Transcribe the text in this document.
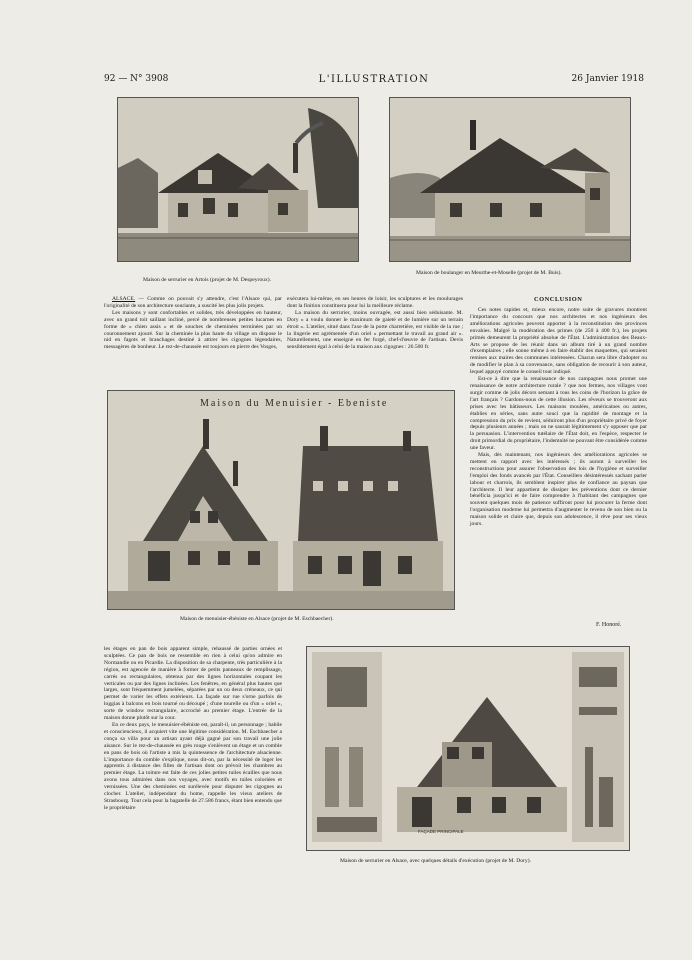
92 — N° 3908	L'ILLUSTRATION	26 Janvier 1918
Maison de serrurier en Artois (projet de M. Despeyroux).
Maison de boulanger en Meurthe-et-Moselle (projet de M. Buis).

ALSACE. — Comme on pouvait s'y attendre, c'est l'Alsace qui, par l'originalité de son architecture souriante, a suscité les plus jolis projets.

Les maisons y sont confortables et solides, très développées en hauteur, avec un grand toit saillant incliné, percé de nombreuses petites lucarnes en forme de « chien assis » et de souches de cheminées terminées par un couronnement ajouré. Sur la cheminée la plus haute du village on dispose le nid en fagots et branchages destiné à attirer les cigognes légendaires, messagères de bonheur. Le rez-de-chaussée est toujours en pierre des Vosges,

exécutera lui-même, en ses heures de loisir, les sculptures et les moulurages dont la finition constituera pour lui la meilleure réclame.

La maison du serrurier, moins ouvragée, est aussi bien séduisante. M. Dory « a voulu donner le maximum de gaieté et de lumière sur un terrain étroit ». L'atelier, situé dans l'axe de la porte charretière, est visible de la rue ; la lingerie est agrémentée d'un oriel « permettant le travail au grand air ». Naturellement, une enseigne en fer forgé, chef-d'œuvre de l'artisan. Devis sensiblement égal à celui de la maison aux cigognes : 26.500 fr.

CONCLUSION

Ces notes rapides et, mieux encore, notre suite de gravures montrent l'importance du concours que nos architectes et nos ingénieurs des améliorations agricoles peuvent apporter à la reconstitution des provinces envahies. Malgré la modération des primes (de 250 à 400 fr.), les projets primés demeurent la propriété absolue de l'État. L'administration des Beaux-Arts se propose de les réunir dans un album tiré à un grand nombre d'exemplaires ; elle sonne même à en faire établir des maquettes, qui seraient remises aux maires des communes intéressées. Chacun sera libre d'adopter ou de modifier le plan à sa convenance, sans obligation de recourir à son auteur, lequel appuyé comme le conseil tout indiqué.

Est-ce à dire que la renaissance de nos campagnes nous promet une renaissance de notre architecture rurale ? que nos fermes, nos villages vont surgir comme de jolis décors semant à tous les coins de l'horizon la grâce de l'art français ? Gardons-nous de cette illusion. Les rêveurs se trouveront aux prises avec les bâtisseurs. Les maisons moulées, américaines ou autres, établies en séries, sans autre souci que la rapidité de montage et la compression du prix de revient, séduiront plus d'un propriétaire privé de foyer depuis plusieurs années ; mais on ne saurait légitimement s'y opposer que par la persuasion. L'intervention tutélaire de l'État doit, en l'espèce, respecter le droit primordial du propriétaire, l'indemnité ne pouvant être considérée comme une faveur.

Mais, dès maintenant, nos ingénieurs des améliorations agricoles se mettent en rapport avec les intéressés ; ils auront à surveiller les reconstructions pour assurer l'observation des lois de l'hygiène et surveiller l'emploi des fonds avancés par l'État. Conseillers désintéressés sachant parler labour et charrois, ils semblent inspirer plus de confiance au paysan que l'architecte. Il leur appartient de dissiper les préventions dont ce dernier bénéficia jusqu'ici et de faire comprendre à l'habitant des campagnes que souvent quelques mois de patience suffiront pour lui procurer la ferme dont l'organisation moderne lui permettra d'augmenter le revenu de son bien ou la maison solide et claire que, depuis son adolescence, il rêve pour ses vieux jours.

F. Honoré.
Maison du Menuisier - Ebeniste
Maison de menuisier-ébéniste en Alsace (projet de M. Eschbaecher).

les étages en pan de bois apparent simple, rehaussé de parties ornées et sculptées. Ce pan de bois ne ressemble en rien à celui qu'on admire en Normandie ou en Picardie. La disposition de sa charpente, très particulière à la région, est agencée de manière à former de petits panneaux de remplissage, carrés ou rectangulaires, obtenus par des lignes horizontales coupant les verticales ou par des lignes inclinées. Les fenêtres, en général plus hautes que larges, sont fréquemment jumelées, séparées par un ou deux créneaux, ce qui permet de varier les effets extérieurs. La façade sur rue s'orne parfois de loggias à balcons en bois tourné ou découpé ; d'une tourelle ou d'un « oriel », sorte de window rectangulaire, accroché au premier étage. L'entrée de la maison donne plutôt sur la cour.

En ce deux pays, le menuisier-ébéniste est, paraît-il, un personnage ; habile et consciencieux, il acquiert vite une légitime considération. M. Eschbaecher a conçu sa villa pour un artisan ayant déjà gagné par son travail une jolie aisance. Sur le rez-de-chaussée en grès rouge s'enlèvent un étage et un comble en pans de bois où l'artiste a mis la quintessence de l'architecture alsacienne. L'importance du comble s'explique, nous dit-on, par la nécessité de loger les apprentis à distance des filles de l'artisan dont on prévoit les chambres au premier étage. La toiture est faite de ces jolies petites tuiles écailles que nous avons tous admirées dans nos voyages, avec motifs en tuiles coloriées et vernissées. Une des cheminées est surélevée pour disputer les cigognes au clocher. L'atelier, indépendant du home, rappelle les vieux ateliers de Strasbourg. Tout cela pour la bagatelle de 27.586 francs, étant bien entendu que le propriétaire

FAÇADE PRINCIPALE
Maison de serrurier en Alsace, avec quelques détails d'exécution (projet de M. Dory).
